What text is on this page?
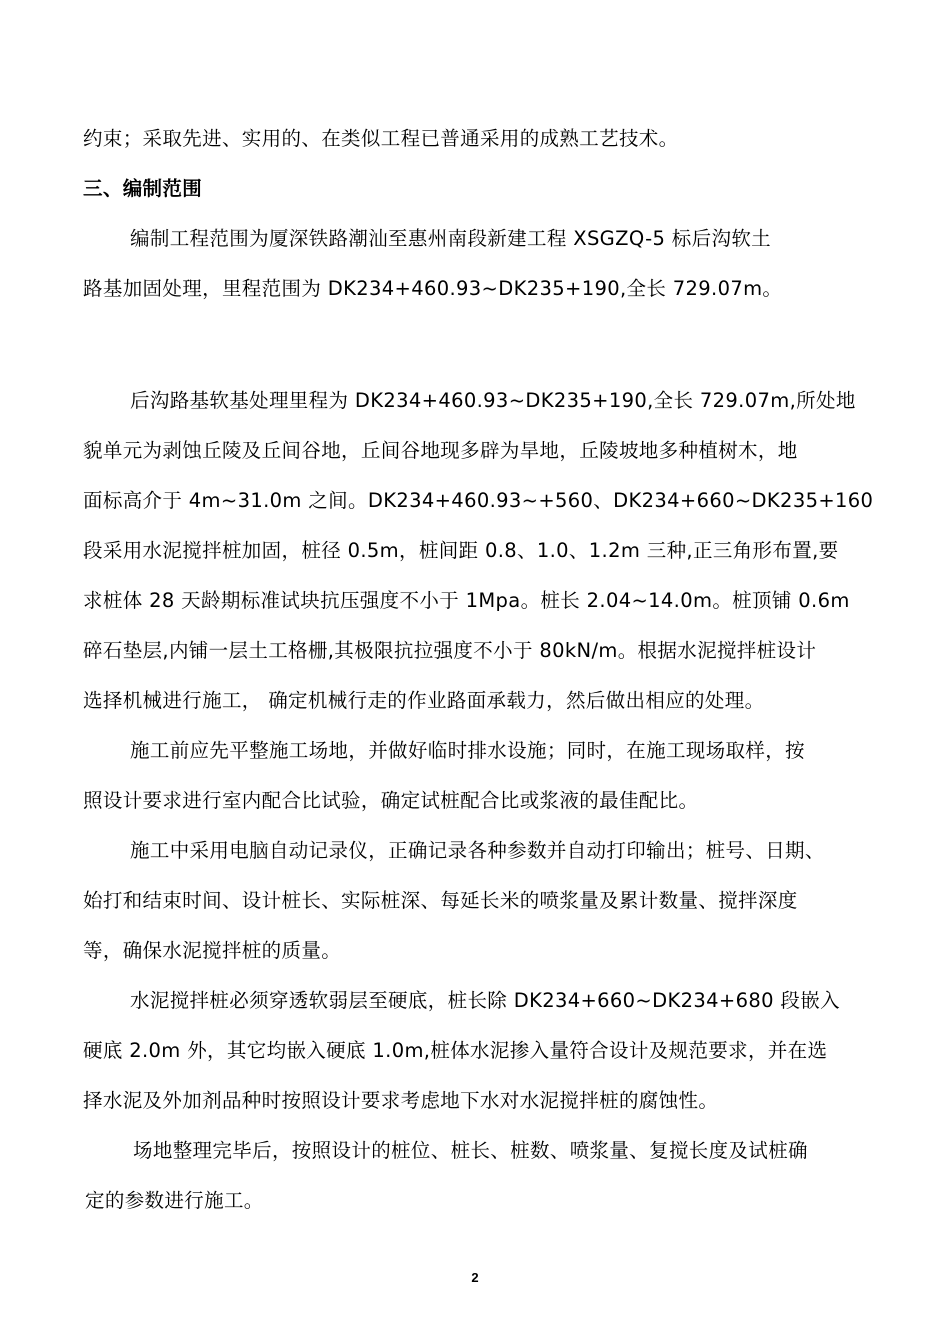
约束；采取先进、实用的、在类似工程已普通采用的成熟工艺技术。
三、编制范围
编制工程范围为厦深铁路潮汕至惠州南段新建工程 XSGZQ-5 标后沟软土
路基加固处理，里程范围为 DK234+460.93~DK235+190,全长 729.07m。
后沟路基软基处理里程为 DK234+460.93~DK235+190,全长 729.07m,所处地
貌单元为剥蚀丘陵及丘间谷地，丘间谷地现多辟为旱地，丘陵坡地多种植树木，地
面标高介于 4m~31.0m 之间。DK234+460.93~+560、DK234+660~DK235+160
段采用水泥搅拌桩加固，桩径 0.5m，桩间距 0.8、1.0、1.2m 三种,正三角形布置,要
求桩体 28 天龄期标准试块抗压强度不小于 1Mpa。桩长 2.04~14.0m。桩顶铺 0.6m
碎石垫层,内铺一层土工格栅,其极限抗拉强度不小于 80kN/m。根据水泥搅拌桩设计
选择机械进行施工， 确定机械行走的作业路面承载力，然后做出相应的处理。
施工前应先平整施工场地，并做好临时排水设施；同时，在施工现场取样，按
照设计要求进行室内配合比试验，确定试桩配合比或浆液的最佳配比。
施工中采用电脑自动记录仪，正确记录各种参数并自动打印输出；桩号、日期、
始打和结束时间、设计桩长、实际桩深、每延长米的喷浆量及累计数量、搅拌深度
等，确保水泥搅拌桩的质量。
水泥搅拌桩必须穿透软弱层至硬底，桩长除 DK234+660~DK234+680 段嵌入
硬底 2.0m 外，其它均嵌入硬底 1.0m,桩体水泥掺入量符合设计及规范要求，并在选
择水泥及外加剂品种时按照设计要求考虑地下水对水泥搅拌桩的腐蚀性。
场地整理完毕后，按照设计的桩位、桩长、桩数、喷浆量、复搅长度及试桩确
定的参数进行施工。
2
